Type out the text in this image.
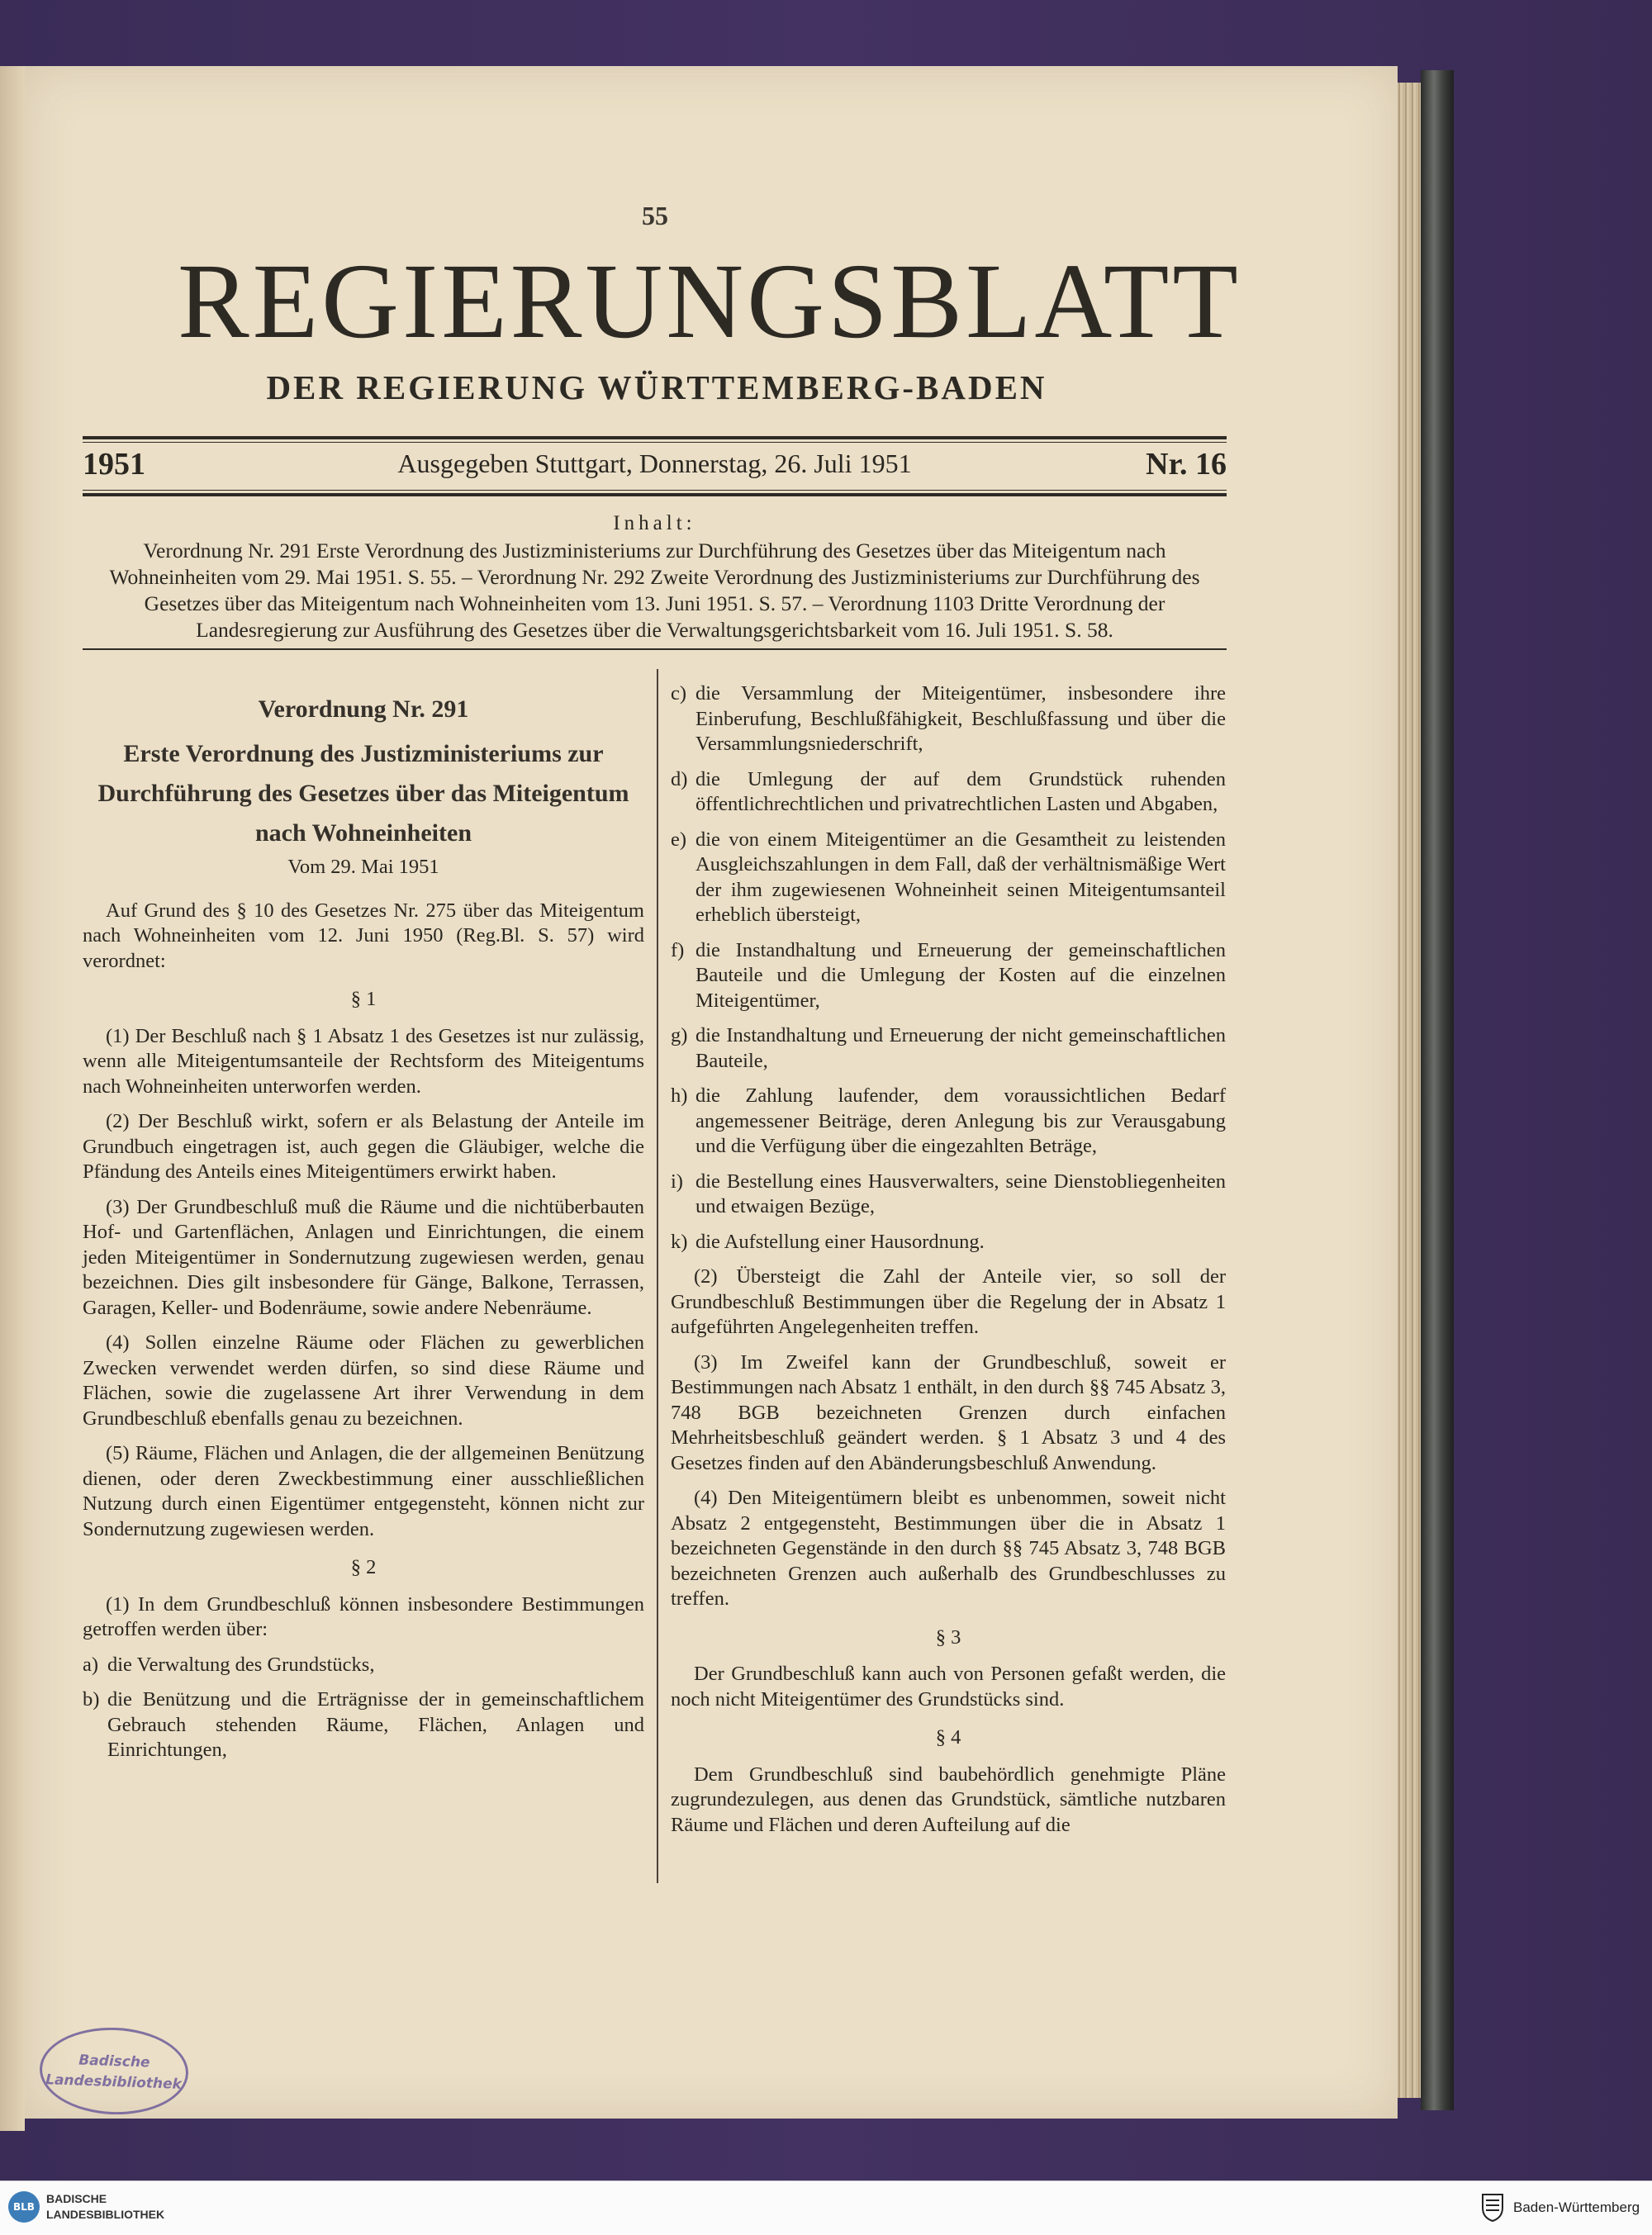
55
REGIERUNGSBLATT
DER REGIERUNG WÜRTTEMBERG-BADEN
1951	Ausgegeben Stuttgart, Donnerstag, 26. Juli 1951	Nr. 16
Inhalt:
Verordnung Nr. 291 Erste Verordnung des Justizministeriums zur Durchführung des Gesetzes über das Miteigentum nach Wohneinheiten vom 29. Mai 1951. S. 55. – Verordnung Nr. 292 Zweite Verordnung des Justizministeriums zur Durchführung des Gesetzes über das Miteigentum nach Wohneinheiten vom 13. Juni 1951. S. 57. – Verordnung 1103 Dritte Verordnung der Landesregierung zur Ausführung des Gesetzes über die Verwaltungsgerichtsbarkeit vom 16. Juli 1951. S. 58.

Verordnung Nr. 291

Erste Verordnung des Justizministeriums zur

Durchführung des Gesetzes über das Miteigentum

nach Wohneinheiten

Vom 29. Mai 1951

Auf Grund des § 10 des Gesetzes Nr. 275 über das Miteigentum nach Wohneinheiten vom 12. Juni 1950 (Reg.Bl. S. 57) wird verordnet:

§ 1

(1) Der Beschluß nach § 1 Absatz 1 des Gesetzes ist nur zulässig, wenn alle Miteigentumsanteile der Rechtsform des Miteigentums nach Wohneinheiten unterworfen werden.

(2) Der Beschluß wirkt, sofern er als Belastung der Anteile im Grundbuch eingetragen ist, auch gegen die Gläubiger, welche die Pfändung des Anteils eines Miteigentümers erwirkt haben.

(3) Der Grundbeschluß muß die Räume und die nichtüberbauten Hof- und Gartenflächen, Anlagen und Einrichtungen, die einem jeden Miteigentümer in Sondernutzung zugewiesen werden, genau bezeichnen. Dies gilt insbesondere für Gänge, Balkone, Terrassen, Garagen, Keller- und Bodenräume, sowie andere Nebenräume.

(4) Sollen einzelne Räume oder Flächen zu gewerblichen Zwecken verwendet werden dürfen, so sind diese Räume und Flächen, sowie die zugelassene Art ihrer Verwendung in dem Grundbeschluß ebenfalls genau zu bezeichnen.

(5) Räume, Flächen und Anlagen, die der allgemeinen Benützung dienen, oder deren Zweckbestimmung einer ausschließlichen Nutzung durch einen Eigentümer entgegensteht, können nicht zur Sondernutzung zugewiesen werden.

§ 2

(1) In dem Grundbeschluß können insbesondere Bestimmungen getroffen werden über:

a) die Verwaltung des Grundstücks,

b) die Benützung und die Erträgnisse der in gemeinschaftlichem Gebrauch stehenden Räume, Flächen, Anlagen und Einrichtungen,

c) die Versammlung der Miteigentümer, insbesondere ihre Einberufung, Beschlußfähigkeit, Beschlußfassung und über die Versammlungsniederschrift,

d) die Umlegung der auf dem Grundstück ruhenden öffentlichrechtlichen und privatrechtlichen Lasten und Abgaben,

e) die von einem Miteigentümer an die Gesamtheit zu leistenden Ausgleichszahlungen in dem Fall, daß der verhältnismäßige Wert der ihm zugewiesenen Wohneinheit seinen Miteigentumsanteil erheblich übersteigt,

f) die Instandhaltung und Erneuerung der gemeinschaftlichen Bauteile und die Umlegung der Kosten auf die einzelnen Miteigentümer,

g) die Instandhaltung und Erneuerung der nicht gemeinschaftlichen Bauteile,

h) die Zahlung laufender, dem voraussichtlichen Bedarf angemessener Beiträge, deren Anlegung bis zur Verausgabung und die Verfügung über die eingezahlten Beträge,

i) die Bestellung eines Hausverwalters, seine Dienstobliegenheiten und etwaigen Bezüge,

k) die Aufstellung einer Hausordnung.

(2) Übersteigt die Zahl der Anteile vier, so soll der Grundbeschluß Bestimmungen über die Regelung der in Absatz 1 aufgeführten Angelegenheiten treffen.

(3) Im Zweifel kann der Grundbeschluß, soweit er Bestimmungen nach Absatz 1 enthält, in den durch §§ 745 Absatz 3, 748 BGB bezeichneten Grenzen durch einfachen Mehrheitsbeschluß geändert werden. § 1 Absatz 3 und 4 des Gesetzes finden auf den Abänderungsbeschluß Anwendung.

(4) Den Miteigentümern bleibt es unbenommen, soweit nicht Absatz 2 entgegensteht, Bestimmungen über die in Absatz 1 bezeichneten Gegenstände in den durch §§ 745 Absatz 3, 748 BGB bezeichneten Grenzen auch außerhalb des Grundbeschlusses zu treffen.

§ 3

Der Grundbeschluß kann auch von Personen gefaßt werden, die noch nicht Miteigentümer des Grundstücks sind.

§ 4

Dem Grundbeschluß sind baubehördlich genehmigte Pläne zugrundezulegen, aus denen das Grundstück, sämtliche nutzbaren Räume und Flächen und deren Aufteilung auf die

Badische
Landesbibliothek
BLB
BADISCHE
LANDESBIBLIOTHEK	Baden-Württemberg
